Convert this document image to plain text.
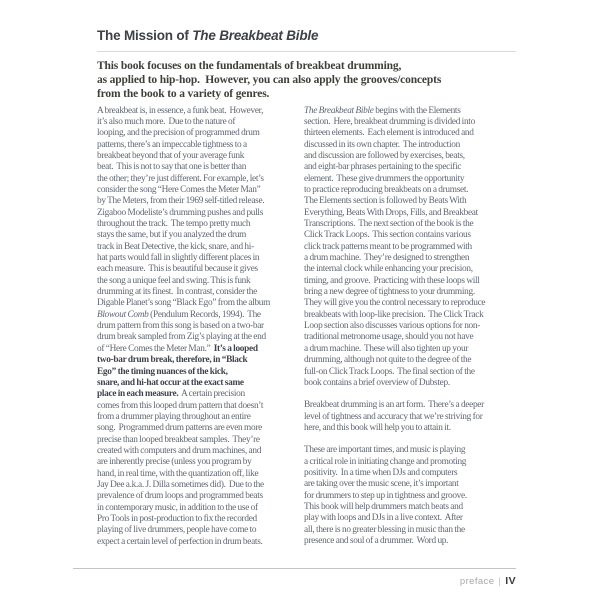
The Mission of The Breakbeat Bible
This book focuses on the fundamentals of breakbeat drumming,
as applied to hip-hop.  However, you can also apply the grooves/concepts
from the book to a variety of genres.
A breakbeat is, in essence, a funk beat.  However,
it’s also much more.  Due to the nature of
looping, and the precision of programmed drum
patterns, there’s an impeccable tightness to a
breakbeat beyond that of your average funk
beat.  This is not to say that one is better than
the other; they’re just different. For example, let’s
consider the song “Here Comes the Meter Man”
by The Meters, from their 1969 self-titled release.
Zigaboo Modeliste’s drumming pushes and pulls
throughout the track.  The tempo pretty much
stays the same, but if you analyzed the drum
track in Beat Detective, the kick, snare, and hi-
hat parts would fall in slightly different places in
each measure.  This is beautiful because it gives
the song a unique feel and swing. This is funk
drumming at its finest.  In contrast, consider the
Digable Planet’s song “Black Ego” from the album
Blowout Comb (Pendulum Records, 1994).  The
drum pattern from this song is based on a two-bar
drum break sampled from Zig’s playing at the end
of “Here Comes the Meter Man.”  It’s a looped
two-bar drum break, therefore, in “Black
Ego” the timing nuances of the kick,
snare, and hi-hat occur at the exact same
place in each measure.  A certain precision
comes from this looped drum pattern that doesn’t
from a drummer playing throughout an entire
song.  Programmed drum patterns are even more
precise than looped breakbeat samples.  They’re
created with computers and drum machines, and
are inherently precise (unless you program by
hand, in real time, with the quantization off, like
Jay Dee a.k.a. J. Dilla sometimes did).  Due to the
prevalence of drum loops and programmed beats
in contemporary music, in addition to the use of
Pro Tools in post-production to fix the recorded
playing of live drummers, people have come to
expect a certain level of perfection in drum beats.
The Breakbeat Bible begins with the Elements
section.  Here, breakbeat drumming is divided into
thirteen elements.  Each element is introduced and
discussed in its own chapter.  The introduction
and discussion are followed by exercises, beats,
and eight-bar phrases pertaining to the specific
element.  These give drummers the opportunity
to practice reproducing breakbeats on a drumset.
The Elements section is followed by Beats With
Everything, Beats With Drops, Fills, and Breakbeat
Transcriptions.  The next section of the book is the
Click Track Loops.  This section contains various
click track patterns meant to be programmed with
a drum machine.  They’re designed to strengthen
the internal clock while enhancing your precision,
timing, and groove.  Practicing with these loops will
bring a new degree of tightness to your drumming.
They will give you the control necessary to reproduce
breakbeats with loop-like precision.  The Click Track
Loop section also discusses various options for non-
traditional metronome usage, should you not have
a drum machine.  These will also tighten up your
drumming, although not quite to the degree of the
full-on Click Track Loops.  The final section of the
book contains a brief overview of Dubstep.
Breakbeat drumming is an art form.  There’s a deeper
level of tightness and accuracy that we’re striving for
here, and this book will help you to attain it.
These are important times, and music is playing
a critical role in initiating change and promoting
positivity.  In a time when DJs and computers
are taking over the music scene, it’s important
for drummers to step up in tightness and groove.
This book will help drummers match beats and
play with loops and DJs in a live context.  After
all, there is no greater blessing in music than the
presence and soul of a drummer.  Word up.
preface | IV
